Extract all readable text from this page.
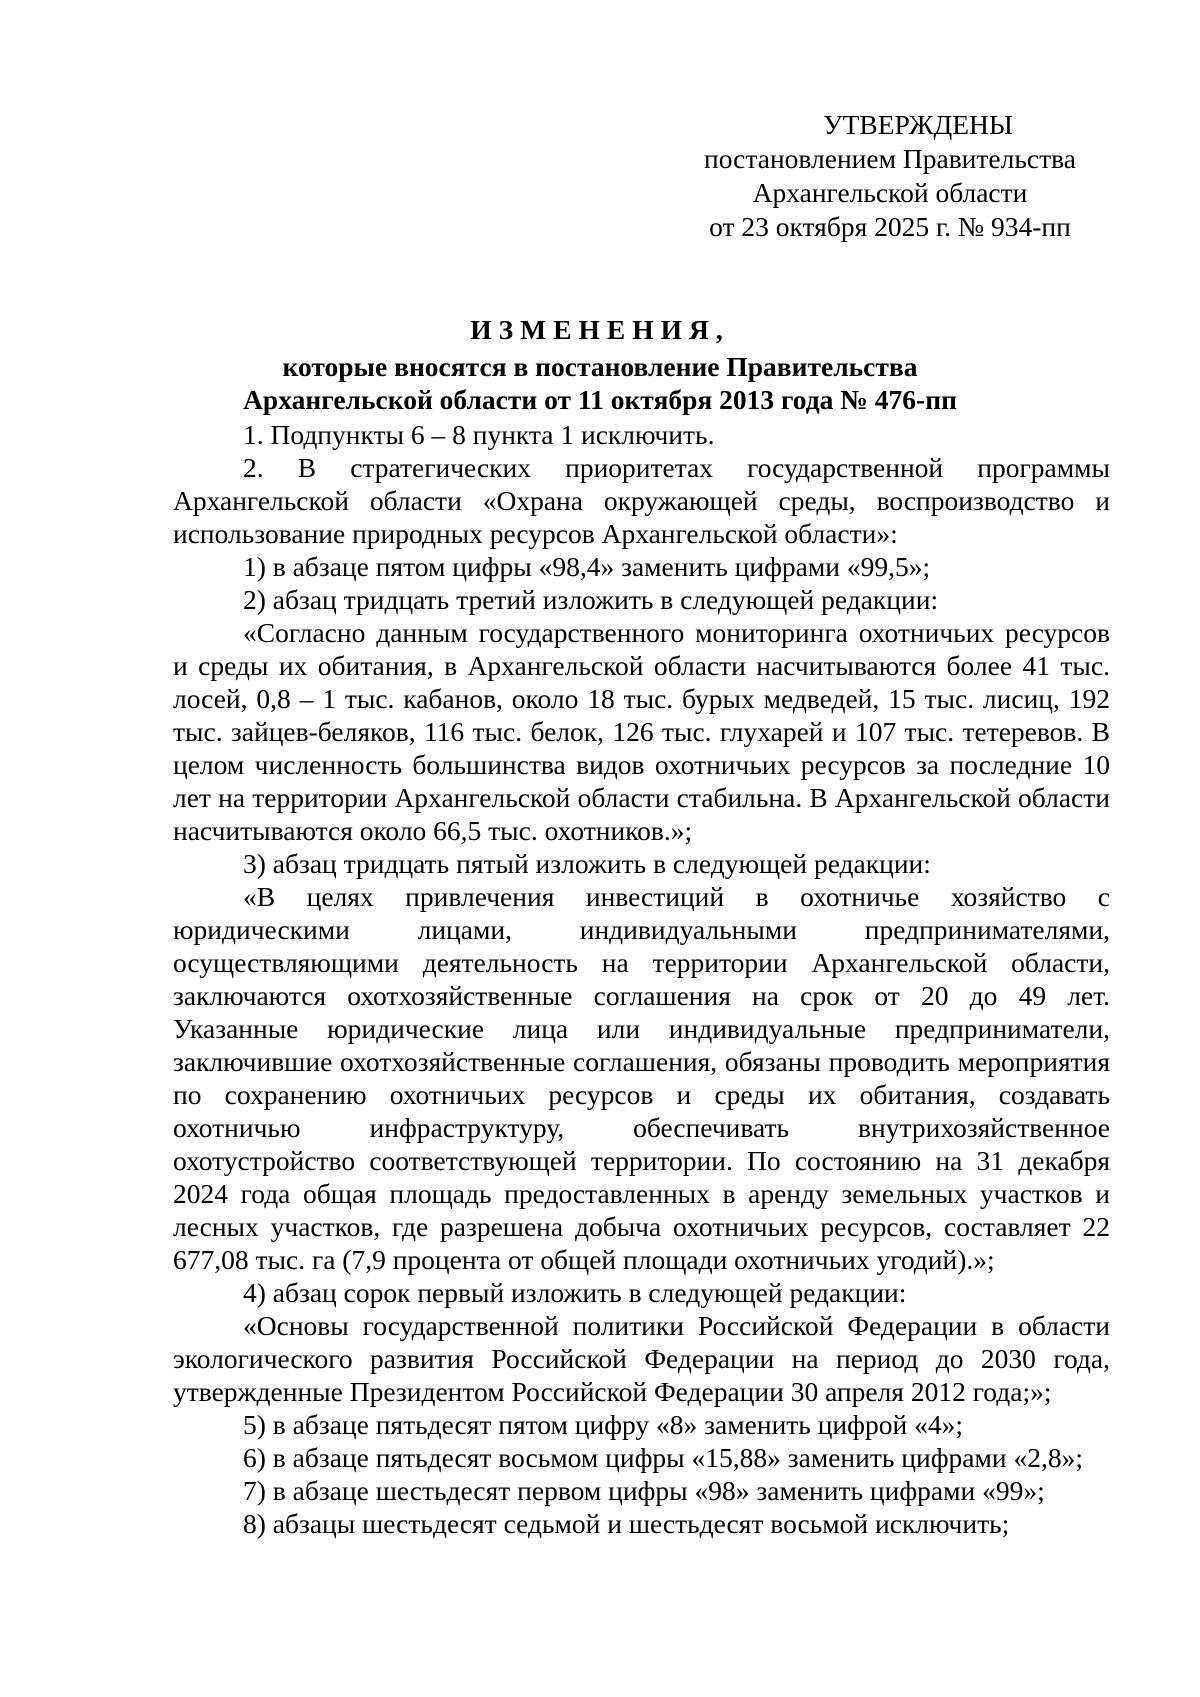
УТВЕРЖДЕНЫ
постановлением Правительства
Архангельской области
от 23 октября 2025 г. № 934-пп
ИЗМЕНЕНИЯ,
которые вносятся в постановление Правительства
Архангельской области от 11 октября 2013 года № 476-пп

1. Подпункты 6 – 8 пункта 1 исключить.

2. В стратегических приоритетах государственной программы Архангельской области «Охрана окружающей среды, воспроизводство и использование природных ресурсов Архангельской области»:

1) в абзаце пятом цифры «98,4» заменить цифрами «99,5»;

2) абзац тридцать третий изложить в следующей редакции:

«Согласно данным государственного мониторинга охотничьих ресурсов и среды их обитания, в Архангельской области насчитываются более 41 тыс. лосей, 0,8 – 1 тыс. кабанов, около 18 тыс. бурых медведей, 15 тыс. лисиц, 192 тыс. зайцев-беляков, 116 тыс. белок, 126 тыс. глухарей и 107 тыс. тетеревов. В целом численность большинства видов охотничьих ресурсов за последние 10 лет на территории Архангельской области стабильна. В Архангельской области насчитываются около 66,5 тыс. охотников.»;

3) абзац тридцать пятый изложить в следующей редакции:

«В целях привлечения инвестиций в охотничье хозяйство с юридическими лицами, индивидуальными предпринимателями, осуществляющими деятельность на территории Архангельской области, заключаются охотхозяйственные соглашения на срок от 20 до 49 лет. Указанные юридические лица или индивидуальные предприниматели, заключившие охотхозяйственные соглашения, обязаны проводить мероприятия по сохранению охотничьих ресурсов и среды их обитания, создавать охотничью инфраструктуру, обеспечивать внутрихозяйственное охотустройство соответствующей территории. По состоянию на 31 декабря 2024 года общая площадь предоставленных в аренду земельных участков и лесных участков, где разрешена добыча охотничьих ресурсов, составляет 22 677,08 тыс. га (7,9 процента от общей площади охотничьих угодий).»;

4) абзац сорок первый изложить в следующей редакции:

«Основы государственной политики Российской Федерации в области экологического развития Российской Федерации на период до 2030 года, утвержденные Президентом Российской Федерации 30 апреля 2012 года;»;

5) в абзаце пятьдесят пятом цифру «8» заменить цифрой «4»;

6) в абзаце пятьдесят восьмом цифры «15,88» заменить цифрами «2,8»;

7) в абзаце шестьдесят первом цифры «98» заменить цифрами «99»;

8) абзацы шестьдесят седьмой и шестьдесят восьмой исключить;
